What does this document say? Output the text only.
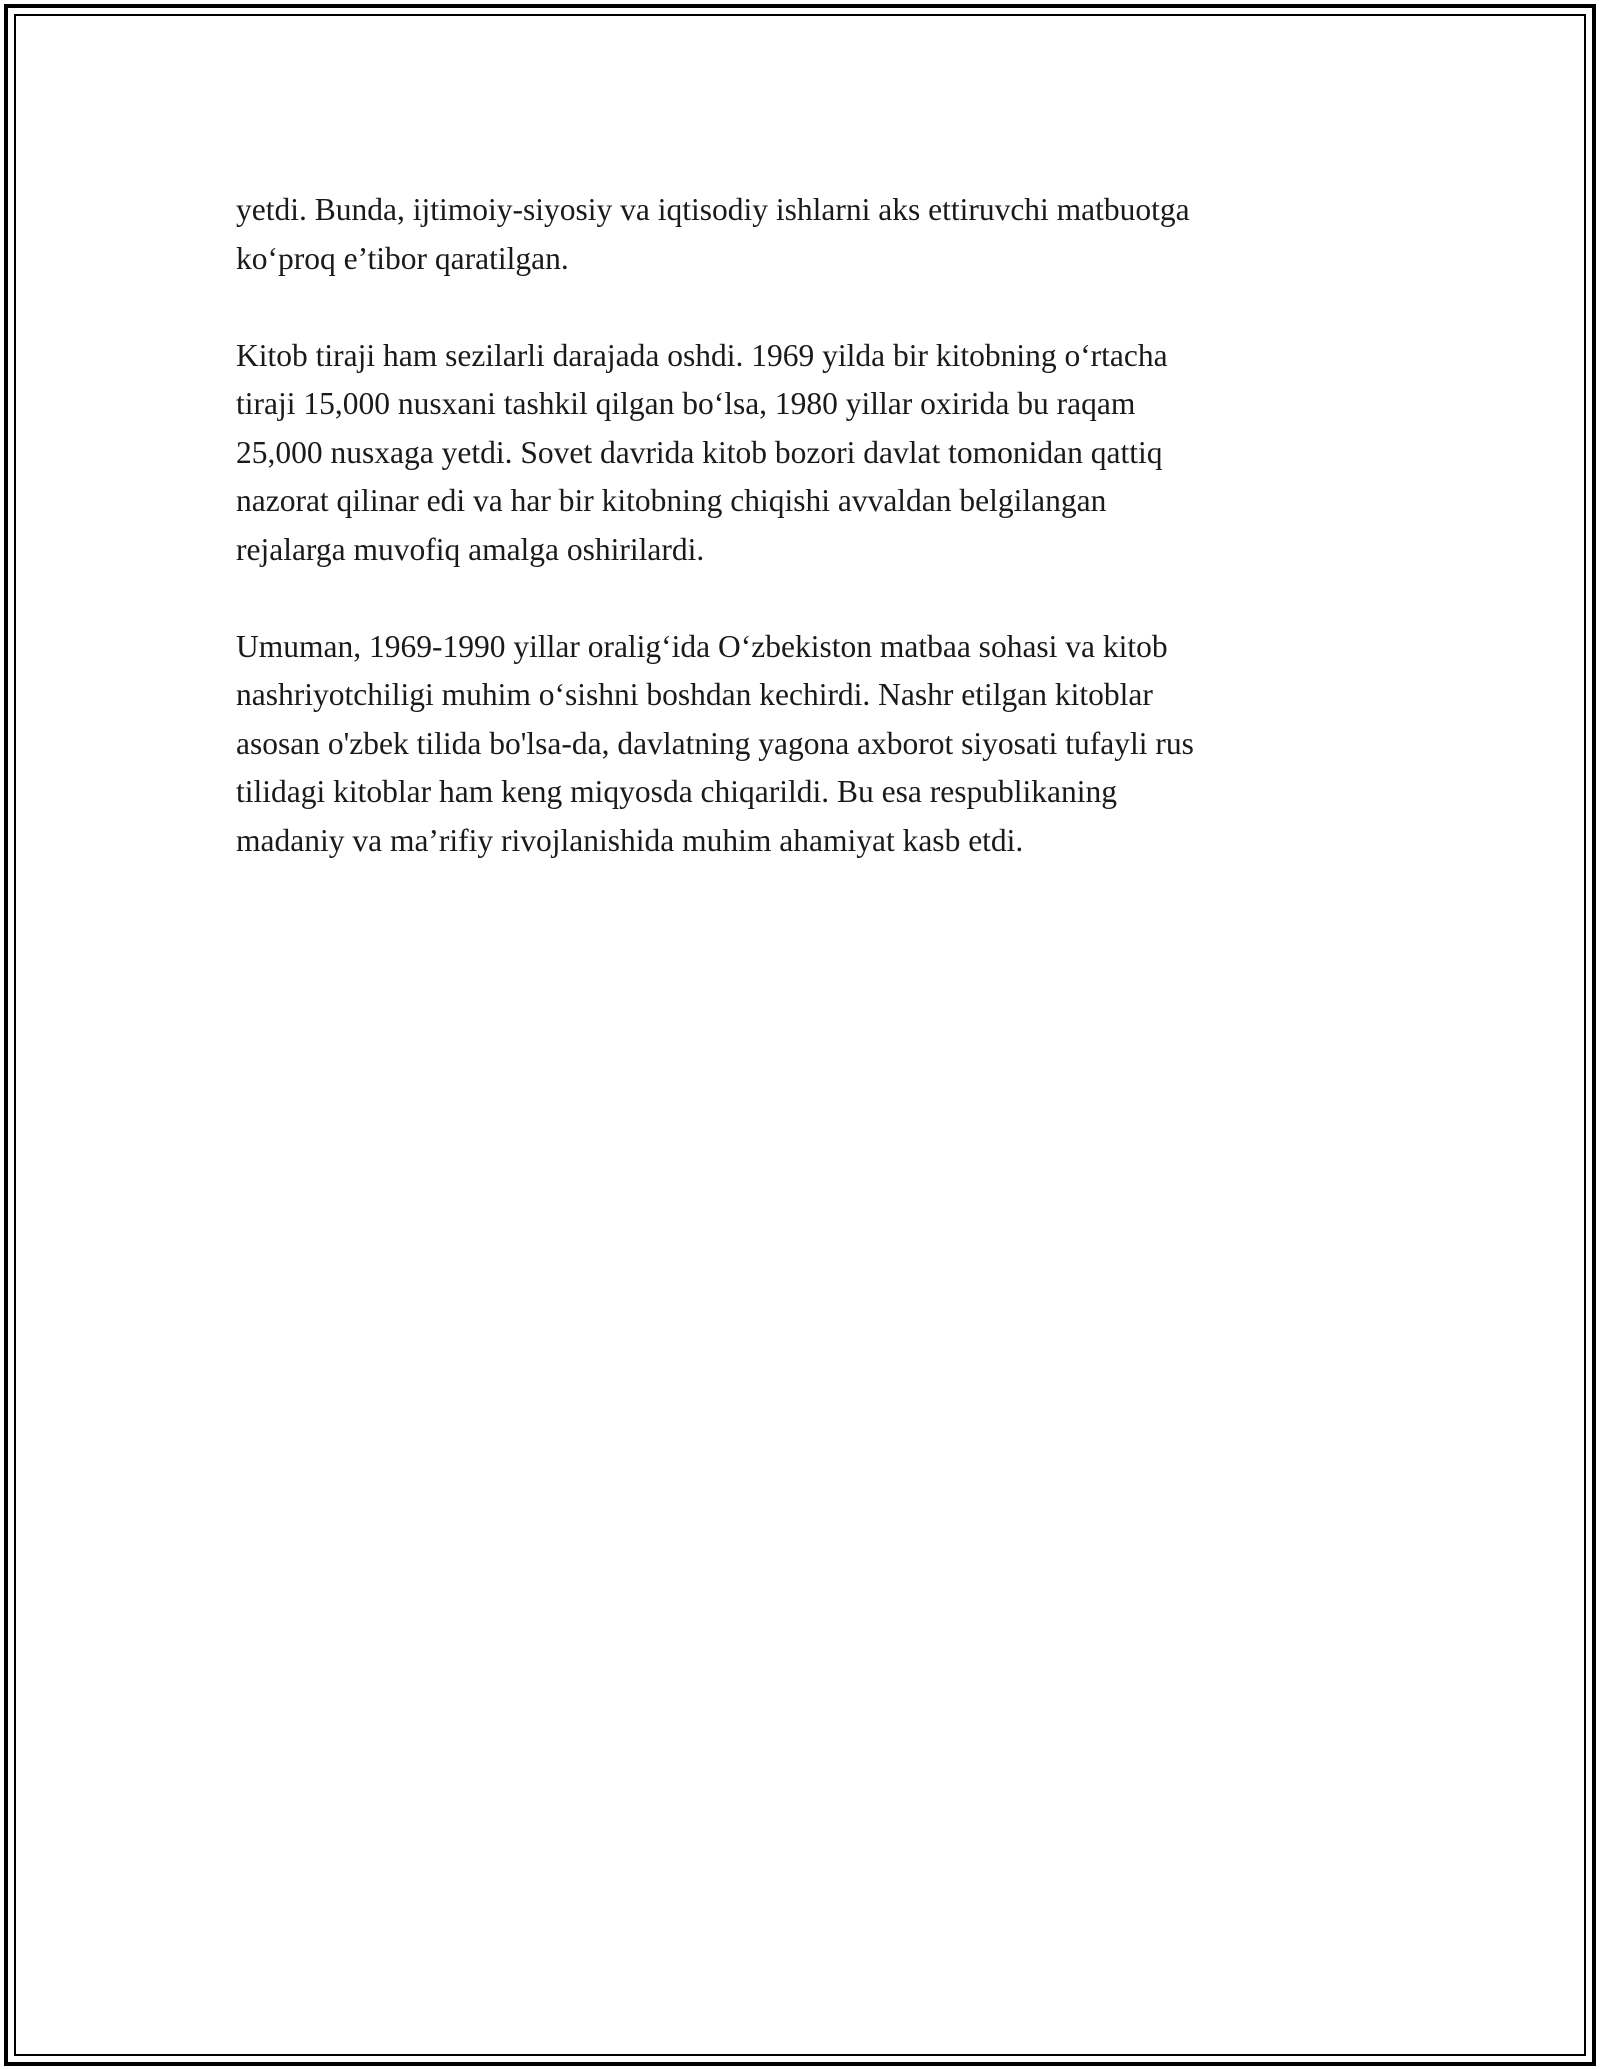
yetdi. Bunda, ijtimoiy-siyosiy va iqtisodiy ishlarni aks ettiruvchi matbuotga
ko‘proq e’tibor qaratilgan.

Kitob tiraji ham sezilarli darajada oshdi. 1969 yilda bir kitobning o‘rtacha
tiraji 15,000 nusxani tashkil qilgan bo‘lsa, 1980 yillar oxirida bu raqam
25,000 nusxaga yetdi. Sovet davrida kitob bozori davlat tomonidan qattiq
nazorat qilinar edi va har bir kitobning chiqishi avvaldan belgilangan
rejalarga muvofiq amalga oshirilardi.

Umuman, 1969-1990 yillar oralig‘ida O‘zbekiston matbaa sohasi va kitob
nashriyotchiligi muhim o‘sishni boshdan kechirdi. Nashr etilgan kitoblar
asosan o'zbek tilida bo'lsa-da, davlatning yagona axborot siyosati tufayli rus
tilidagi kitoblar ham keng miqyosda chiqarildi. Bu esa respublikaning
madaniy va ma’rifiy rivojlanishida muhim ahamiyat kasb etdi.
